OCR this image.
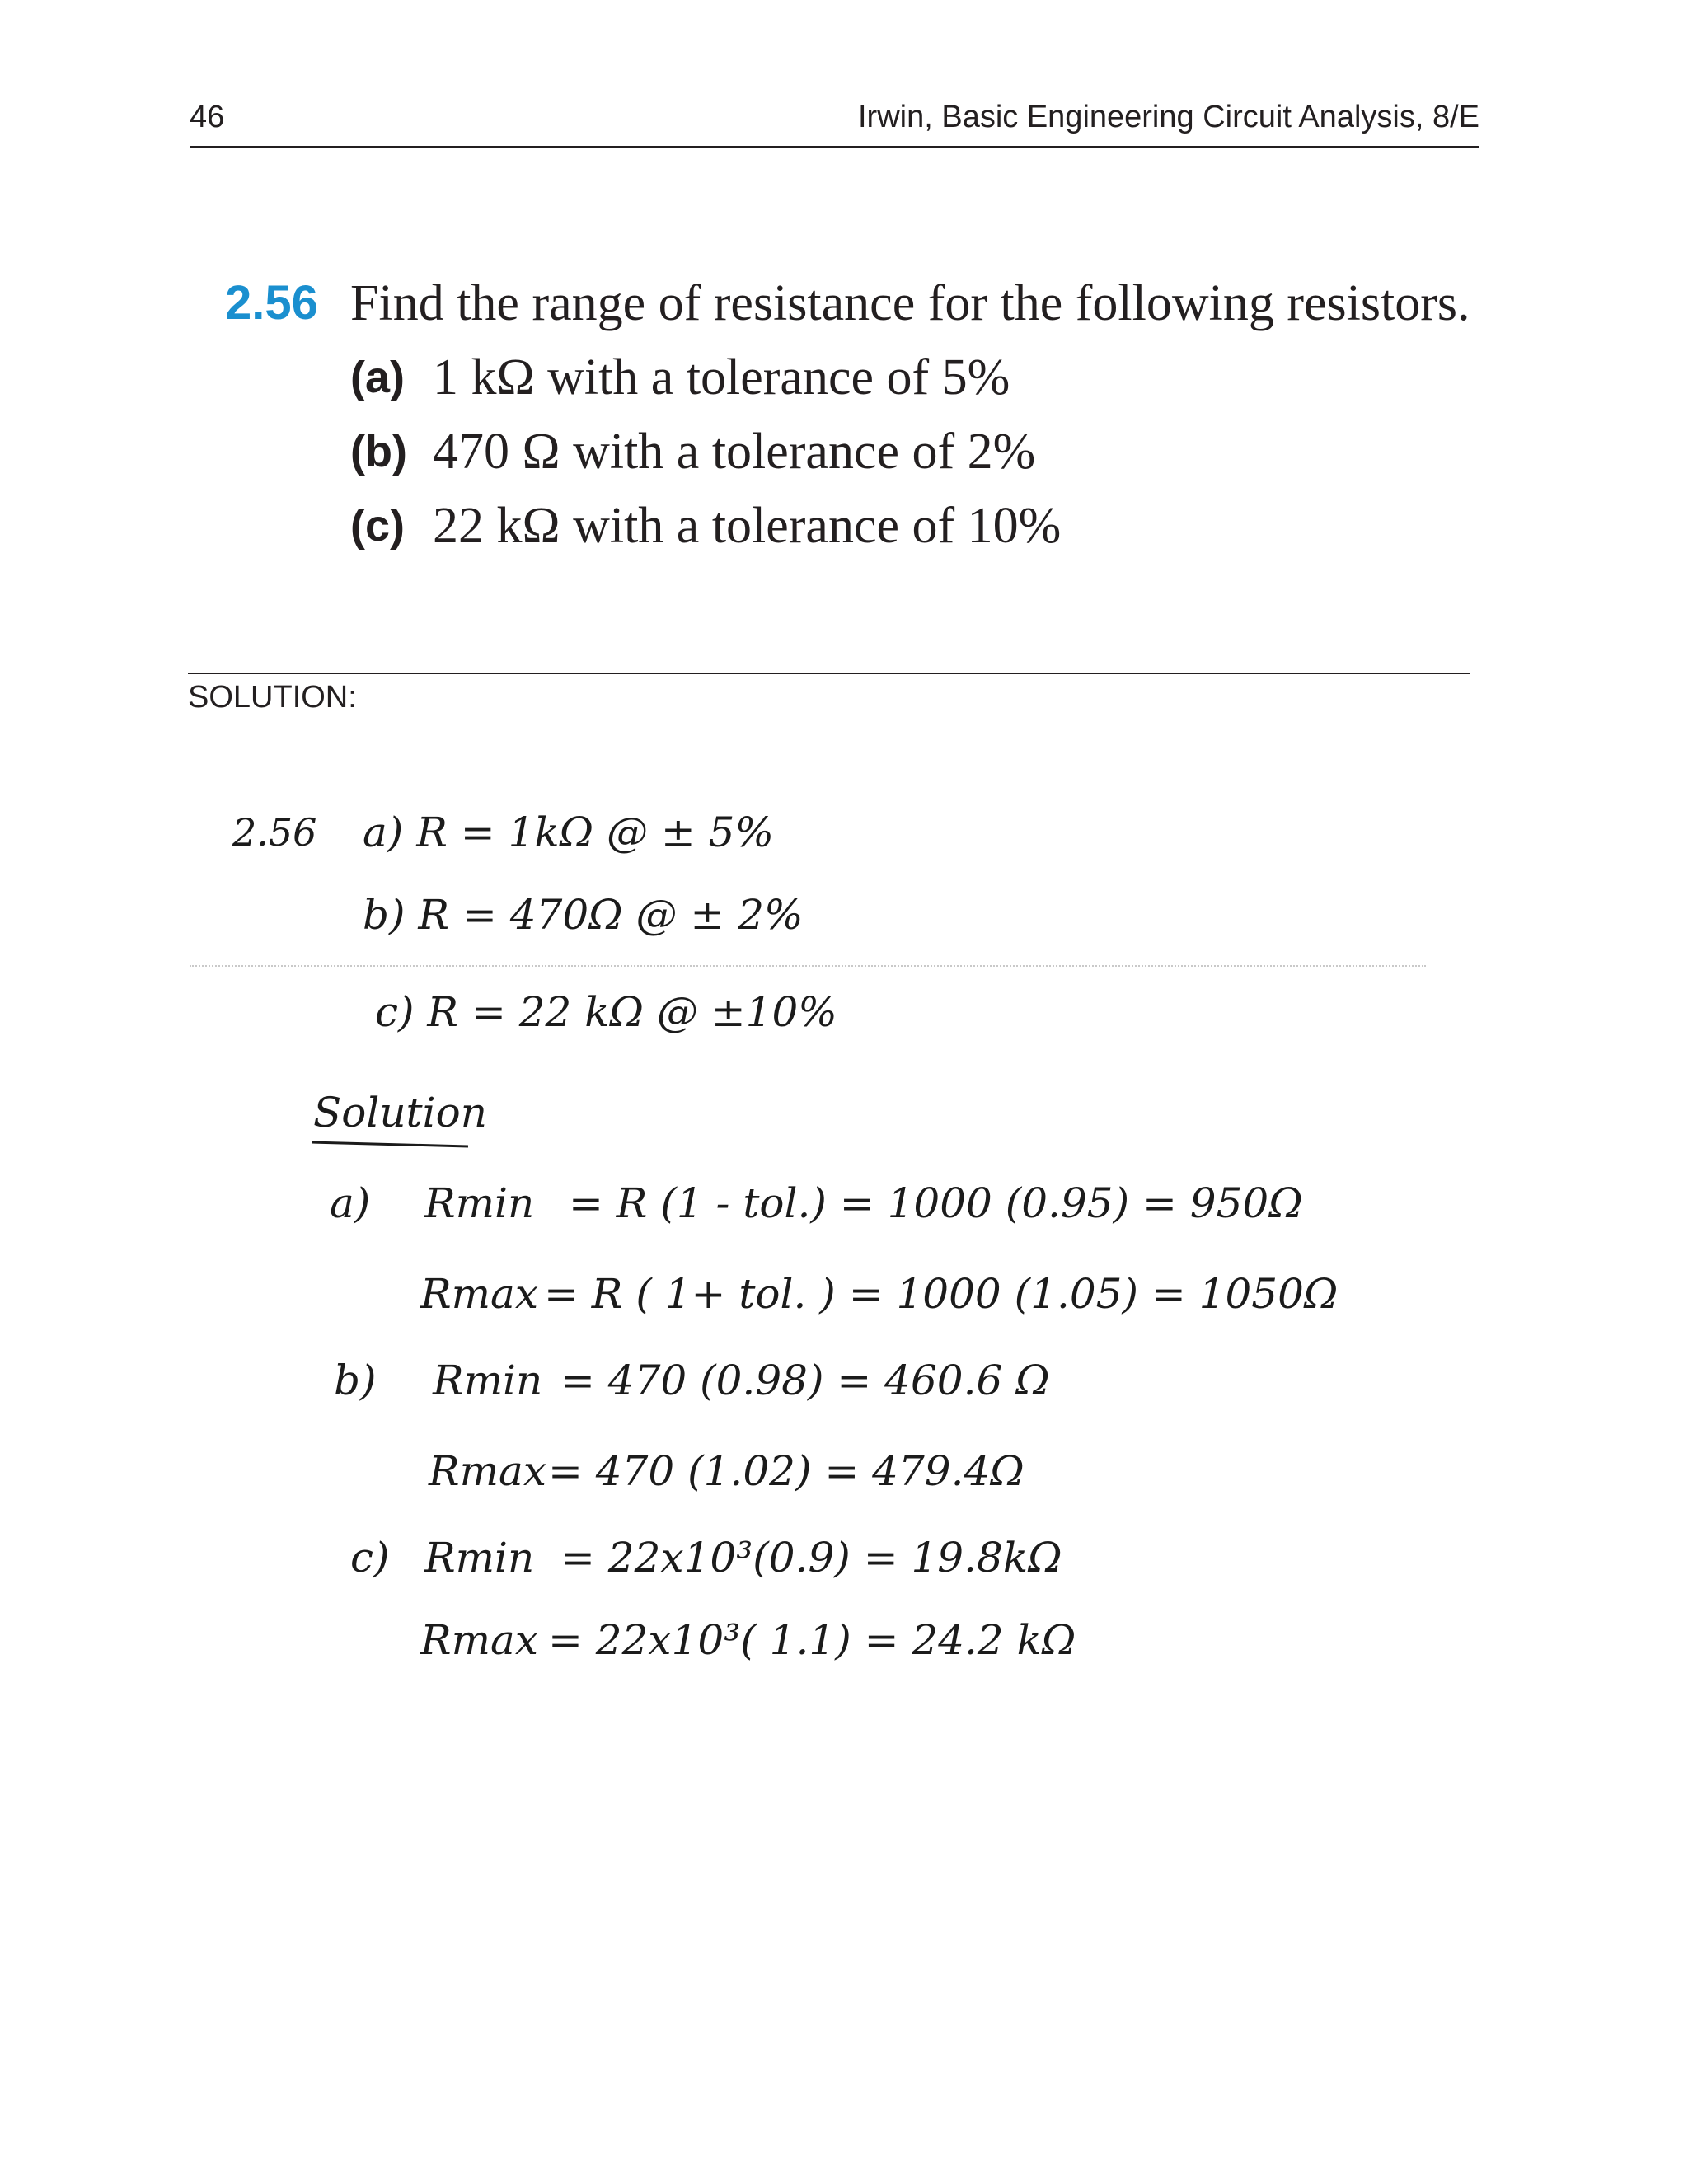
46	Irwin, Basic Engineering Circuit Analysis, 8/E
2.56 Find the range of resistance for the following resistors.
(a) 1 kΩ with a tolerance of 5%
(b) 470 Ω with a tolerance of 2%
(c) 22 kΩ with a tolerance of 10%
SOLUTION:
2.56 a) R = 1kΩ @ ± 5%
b) R = 470Ω @ ± 2%
c) R = 22 kΩ @ ±10%
Solution
a) Rmin = R (1 - tol.) = 1000 (0.95) = 950Ω
Rmax = R ( 1+ tol. ) = 1000 (1.05) = 1050Ω
b) Rmin = 470 (0.98) = 460.6 Ω
Rmax = 470 (1.02) = 479.4Ω
c) Rmin = 22x10³(0.9) = 19.8kΩ
Rmax = 22x10³( 1.1) = 24.2 kΩ
